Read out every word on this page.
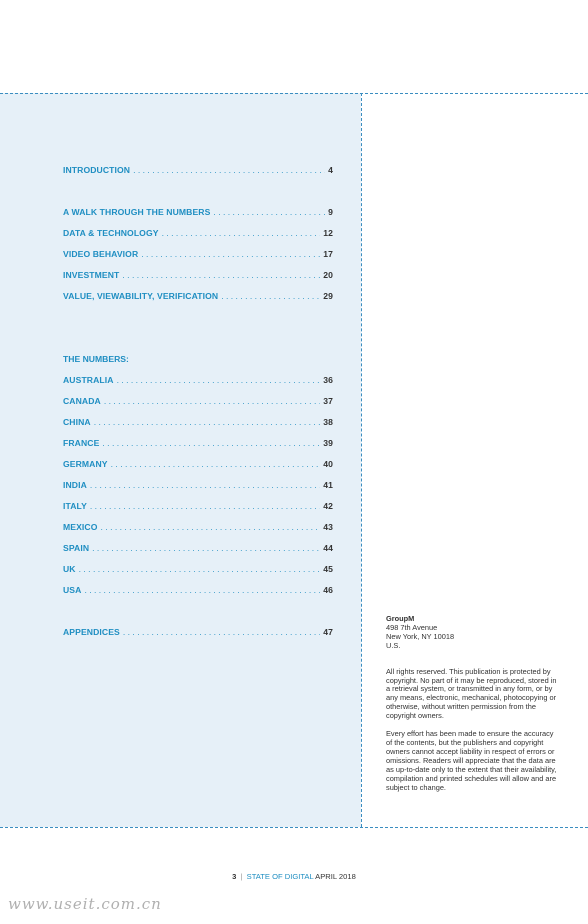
THE NUMBERS:
INTRODUCTION . . .	4
A WALK THROUGH THE NUMBERS . . .	9
DATA & TECHNOLOGY . . .	12
VIDEO BEHAVIOR . . .	17
INVESTMENT . . .	20
VALUE, VIEWABILITY, VERIFICATION . . .	29
AUSTRALIA . . .	36
CANADA . . .	37
CHINA . . .	38
FRANCE . . .	39
GERMANY . . .	40
INDIA . . .	41
ITALY . . .	42
MEXICO . . .	43
SPAIN . . .	44
UK . . .	45
USA . . .	46
APPENDICES . . .	47
GroupM
498 7th Avenue
New York, NY 10018

U.S.

All rights reserved. This publication is protected by copyright. No part of it may be reproduced, stored in a retrieval system, or transmitted in any form, or by any means, electronic, mechanical, photocopying or otherwise, without written permission from the copyright owners.

Every effort has been made to ensure the accuracy of the contents, but the publishers and copyright owners cannot accept liability in respect of errors or omissions. Readers will appreciate that the data are as up-to-date only to the extent that their availability, compilation and printed schedules will allow and are subject to change.

3 | STATE OF DIGITAL APRIL 2018
www.useit.com.cn
